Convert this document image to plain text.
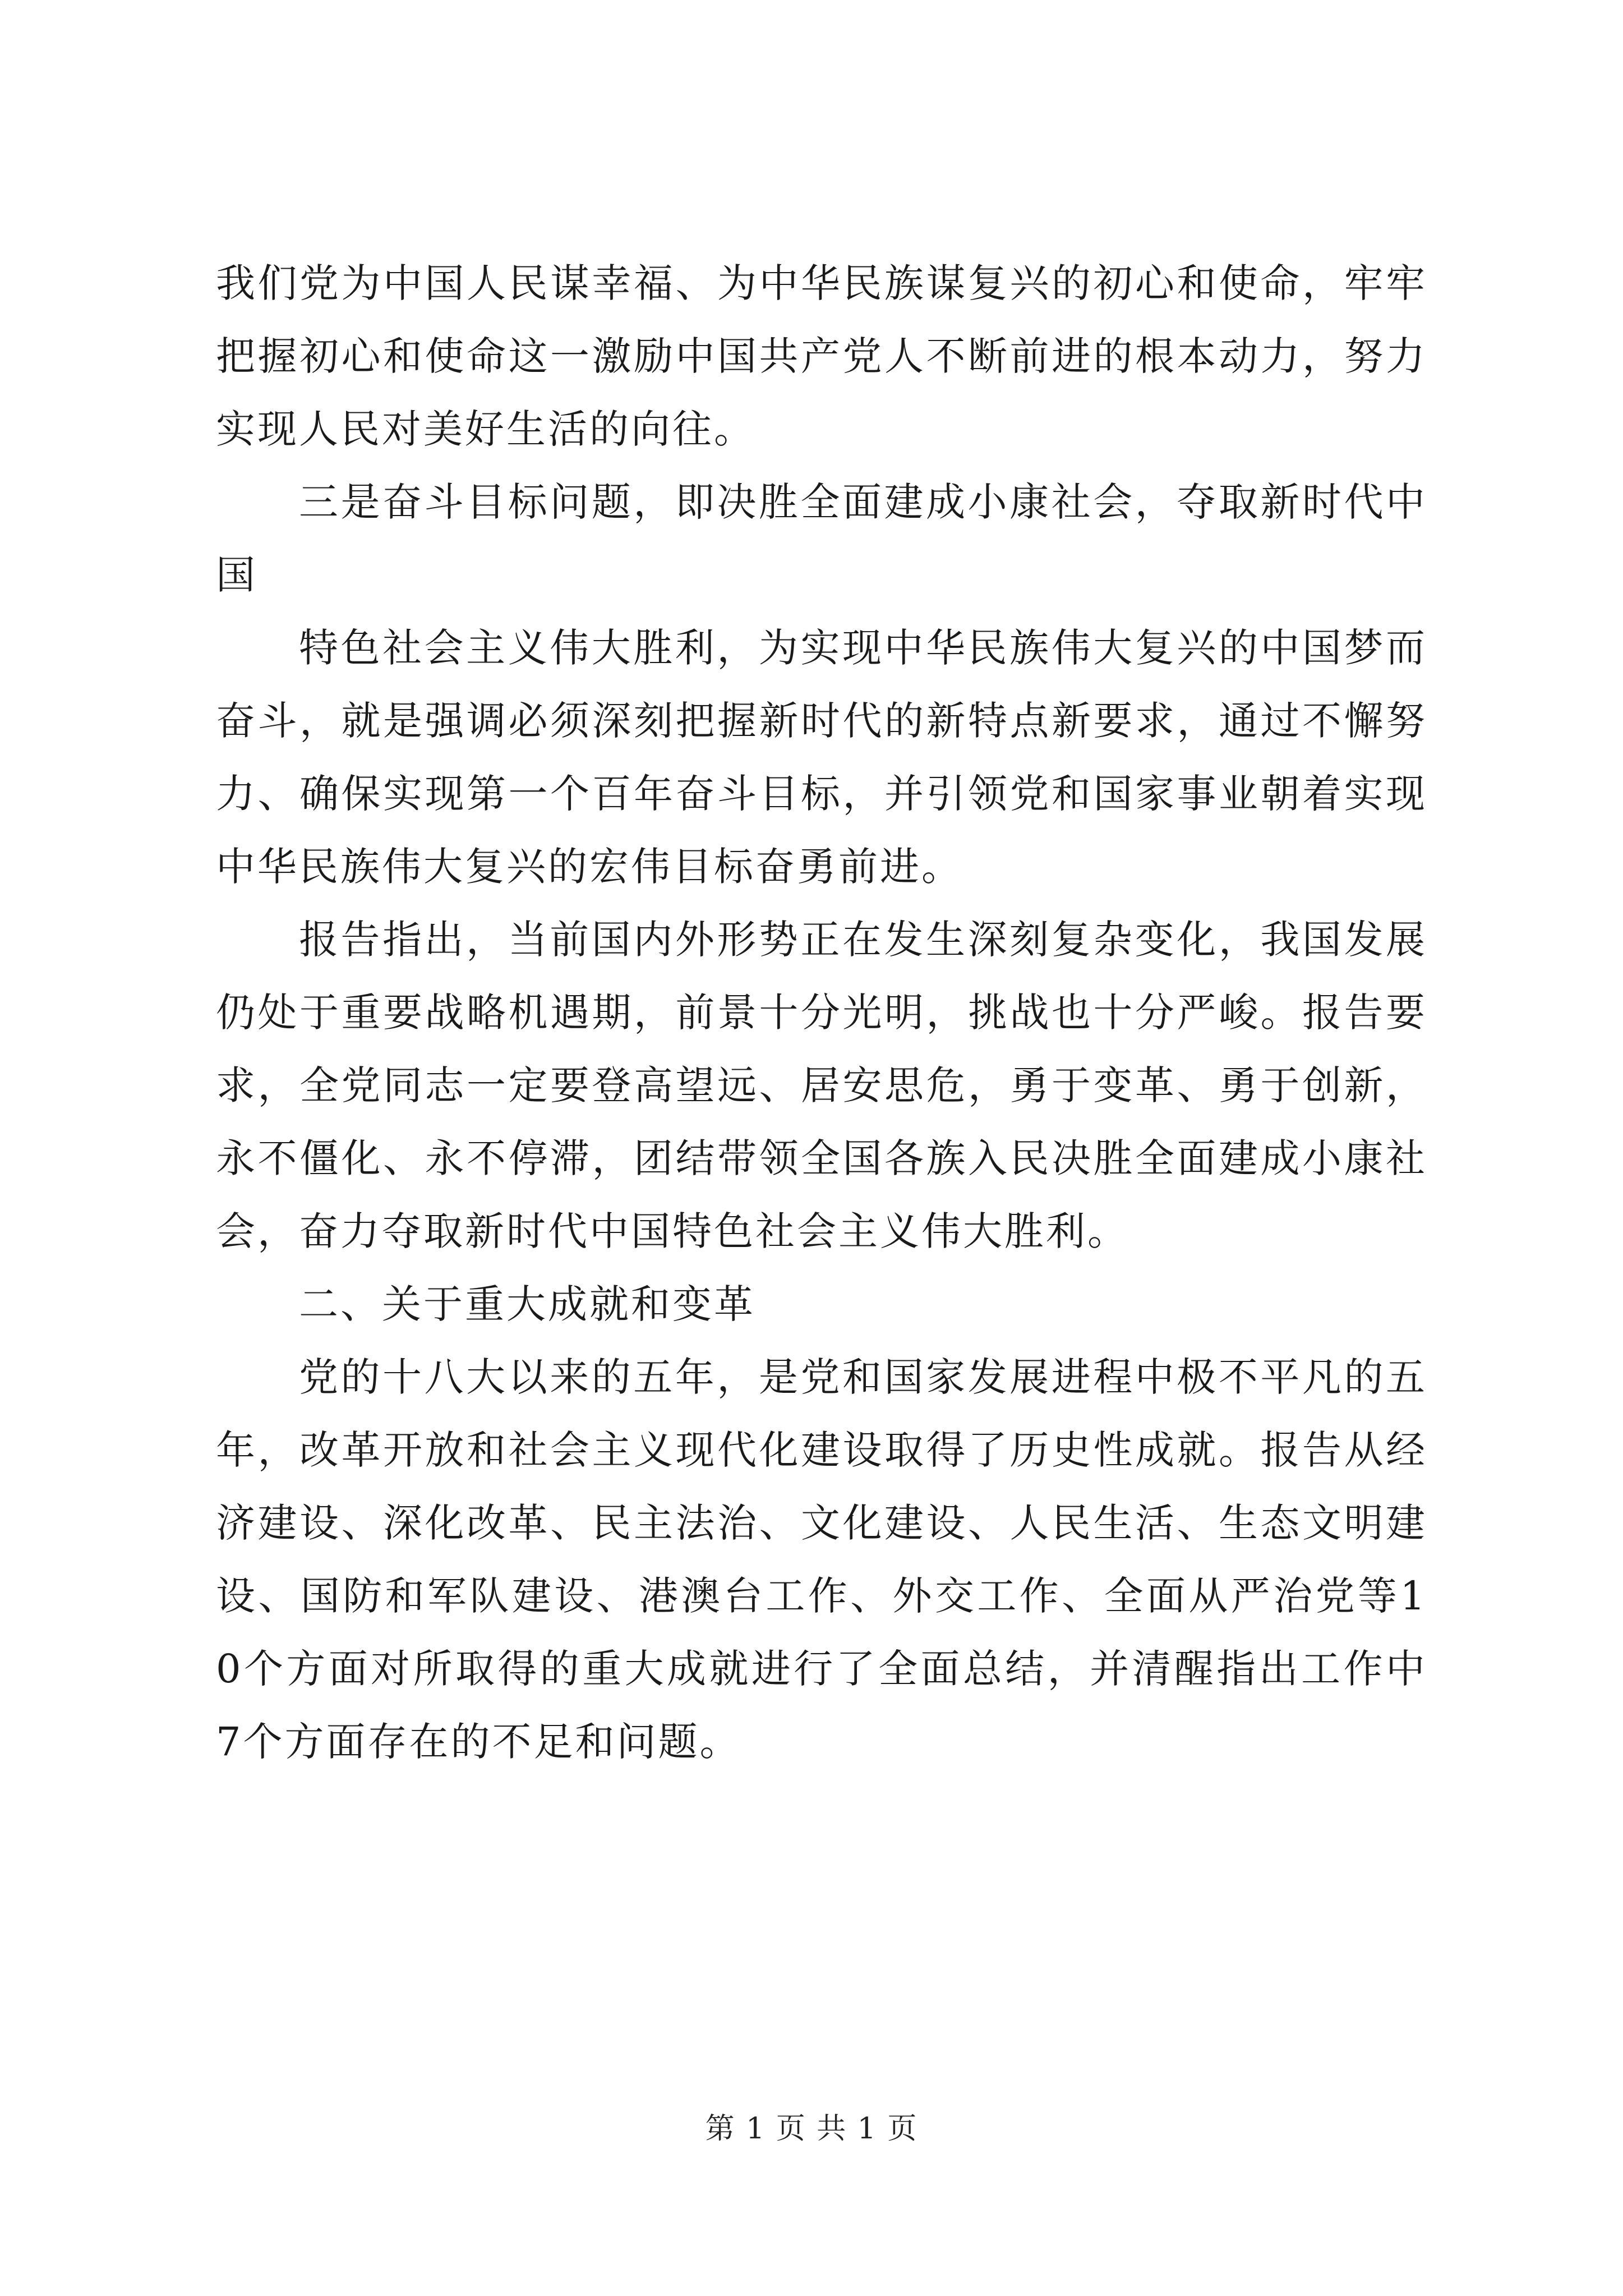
我们党为中国人民谋幸福、为中华民族谋复兴的初心和使命，牢牢把握初心和使命这一激励中国共产党人不断前进的根本动力，努力实现人民对美好生活的向往。

三是奋斗目标问题，即决胜全面建成小康社会，夺取新时代中国

特色社会主义伟大胜利，为实现中华民族伟大复兴的中国梦而奋斗，就是强调必须深刻把握新时代的新特点新要求，通过不懈努力、确保实现第一个百年奋斗目标，并引领党和国家事业朝着实现中华民族伟大复兴的宏伟目标奋勇前进。

报告指出，当前国内外形势正在发生深刻复杂变化，我国发展仍处于重要战略机遇期，前景十分光明，挑战也十分严峻。报告要求，全党同志一定要登高望远、居安思危，勇于变革、勇于创新，永不僵化、永不停滞，团结带领全国各族入民决胜全面建成小康社会，奋力夺取新时代中国特色社会主义伟大胜利。

二、关于重大成就和变革

党的十八大以来的五年，是党和国家发展进程中极不平凡的五年，改革开放和社会主义现代化建设取得了历史性成就。报告从经济建设、深化改革、民主法治、文化建设、人民生活、生态文明建设、国防和军队建设、港澳台工作、外交工作、全面从严治党等10个方面对所取得的重大成就进行了全面总结，并清醒指出工作中7个方面存在的不足和问题。

第 1 页 共 1 页
